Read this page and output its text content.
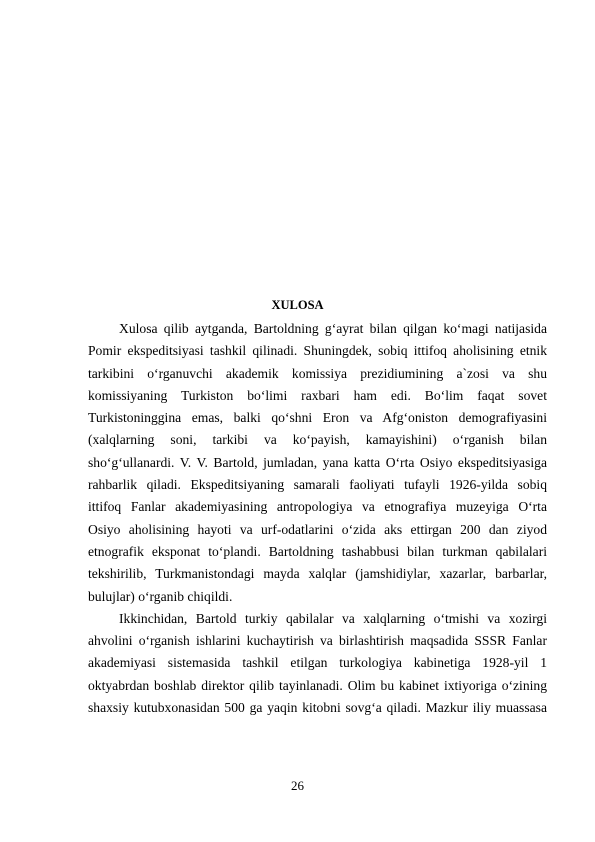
XULOSA
Xulosa qilib aytganda, Bartoldning g‘ayrat bilan qilgan ko‘magi natijasida
Pomir ekspeditsiyasi tashkil qilinadi. Shuningdek, sobiq ittifoq aholisining etnik
tarkibini o‘rganuvchi akademik komissiya prezidiumining a`zosi va shu
komissiyaning Turkiston bo‘limi raxbari ham edi. Bo‘lim faqat sovet
Turkistoninggina emas, balki qo‘shni Eron va Afg‘oniston demografiyasini
(xalqlarning soni, tarkibi va ko‘payish, kamayishini) o‘rganish bilan
sho‘g‘ullanardi. V. V. Bartold, jumladan, yana katta O‘rta Osiyo ekspeditsiyasiga
rahbarlik qiladi. Ekspeditsiyaning samarali faoliyati tufayli 1926-yilda sobiq
ittifoq Fanlar akademiyasining antropologiya va etnografiya muzeyiga O‘rta
Osiyo aholisining hayoti va urf-odatlarini o‘zida aks ettirgan 200 dan ziyod
etnografik eksponat to‘plandi. Bartoldning tashabbusi bilan turkman qabilalari
tekshirilib, Turkmanistondagi mayda xalqlar (jamshidiylar, xazarlar, barbarlar,
bulujlar) o‘rganib chiqildi.
Ikkinchidan, Bartold turkiy qabilalar va xalqlarning o‘tmishi va xozirgi
ahvolini o‘rganish ishlarini kuchaytirish va birlashtirish maqsadida SSSR Fanlar
akademiyasi sistemasida tashkil etilgan turkologiya kabinetiga 1928-yil 1
oktyabrdan boshlab direktor qilib tayinlanadi. Olim bu kabinet ixtiyoriga o‘zining
shaxsiy kutubxonasidan 500 ga yaqin kitobni sovg‘a qiladi. Mazkur iliy muassasa
26
